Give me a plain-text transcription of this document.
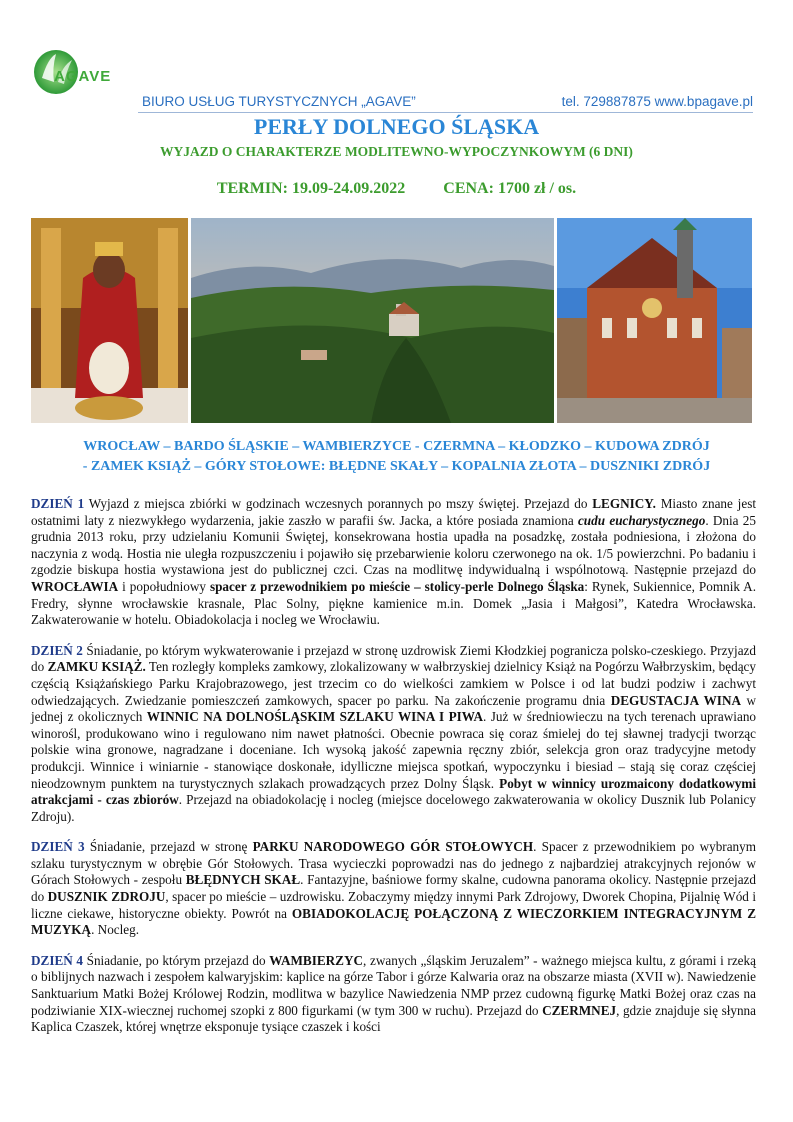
AGAVE
BIURO USŁUG TURYSTYCZNYCH „AGAVE”	tel. 729887875 www.bpagave.pl
PERŁY DOLNEGO ŚLĄSKA
WYJAZD O CHARAKTERZE MODLITEWNO-WYPOCZYNKOWYM (6 DNI)
TERMIN: 19.09-24.09.2022 CENA: 1700 zł / os.
WROCŁAW – BARDO ŚLĄSKIE – WAMBIERZYCE - CZERMNA – KŁODZKO – KUDOWA ZDRÓJ
- ZAMEK KSIĄŻ – GÓRY STOŁOWE: BŁĘDNE SKAŁY – KOPALNIA ZŁOTA – DUSZNIKI ZDRÓJ

DZIEŃ 1 Wyjazd z miejsca zbiórki w godzinach wczesnych porannych po mszy świętej. Przejazd do LEGNICY. Miasto znane jest ostatnimi laty z niezwykłego wydarzenia, jakie zaszło w parafii św. Jacka, a które posiada znamiona cudu eucharystycznego. Dnia 25 grudnia 2013 roku, przy udzielaniu Komunii Świętej, konsekrowana hostia upadła na posadzkę, została podniesiona, i złożona do naczynia z wodą. Hostia nie uległa rozpuszczeniu i pojawiło się przebarwienie koloru czerwonego na ok. 1/5 powierzchni. Po badaniu i zgodzie biskupa hostia wystawiona jest do publicznej czci. Czas na modlitwę indywidualną i wspólnotową. Następnie przejazd do WROCŁAWIA i popołudniowy spacer z przewodnikiem po mieście – stolicy-perle Dolnego Śląska: Rynek, Sukiennice, Pomnik A. Fredry, słynne wrocławskie krasnale, Plac Solny, piękne kamienice m.in. Domek „Jasia i Małgosi”, Katedra Wrocławska. Zakwaterowanie w hotelu. Obiadokolacja i nocleg we Wrocławiu.

DZIEŃ 2 Śniadanie, po którym wykwaterowanie i przejazd w stronę uzdrowisk Ziemi Kłodzkiej pogranicza polsko-czeskiego. Przyjazd do ZAMKU KSIĄŻ. Ten rozległy kompleks zamkowy, zlokalizowany w wałbrzyskiej dzielnicy Książ na Pogórzu Wałbrzyskim, będący częścią Książańskiego Parku Krajobrazowego, jest trzecim co do wielkości zamkiem w Polsce i od lat budzi podziw i zachwyt odwiedzających. Zwiedzanie pomieszczeń zamkowych, spacer po parku. Na zakończenie programu dnia DEGUSTACJA WINA w jednej z okolicznych WINNIC NA DOLNOŚLĄSKIM SZLAKU WINA I PIWA. Już w średniowieczu na tych terenach uprawiano winorośl, produkowano wino i regulowano nim nawet płatności. Obecnie powraca się coraz śmielej do tej sławnej tradycji tworząc polskie wina gronowe, nagradzane i doceniane. Ich wysoką jakość zapewnia ręczny zbiór, selekcja gron oraz tradycyjne metody produkcji. Winnice i winiarnie - stanowiące doskonałe, idylliczne miejsca spotkań, wypoczynku i biesiad – stają się coraz częściej nieodzownym punktem na turystycznych szlakach prowadzących przez Dolny Śląsk. Pobyt w winnicy urozmaicony dodatkowymi atrakcjami - czas zbiorów. Przejazd na obiadokolację i nocleg (miejsce docelowego zakwaterowania w okolicy Dusznik lub Polanicy Zdroju).

DZIEŃ 3 Śniadanie, przejazd w stronę PARKU NARODOWEGO GÓR STOŁOWYCH. Spacer z przewodnikiem po wybranym szlaku turystycznym w obrębie Gór Stołowych. Trasa wycieczki poprowadzi nas do jednego z najbardziej atrakcyjnych rejonów w Górach Stołowych - zespołu BŁĘDNYCH SKAŁ. Fantazyjne, baśniowe formy skalne, cudowna panorama okolicy. Następnie przejazd do DUSZNIK ZDROJU, spacer po mieście – uzdrowisku. Zobaczymy między innymi Park Zdrojowy, Dworek Chopina, Pijalnię Wód i liczne ciekawe, historyczne obiekty. Powrót na OBIADOKOLACJĘ POŁĄCZONĄ Z WIECZORKIEM INTEGRACYJNYM Z MUZYKĄ. Nocleg.

DZIEŃ 4 Śniadanie, po którym przejazd do WAMBIERZYC, zwanych „śląskim Jeruzalem” - ważnego miejsca kultu, z górami i rzeką o biblijnych nazwach i zespołem kalwaryjskim: kaplice na górze Tabor i górze Kalwaria oraz na obszarze miasta (XVII w). Nawiedzenie Sanktuarium Matki Bożej Królowej Rodzin, modlitwa w bazylice Nawiedzenia NMP przez cudowną figurkę Matki Bożej oraz czas na podziwianie XIX-wiecznej ruchomej szopki z 800 figurkami (w tym 300 w ruchu). Przejazd do CZERMNEJ, gdzie znajduje się słynna Kaplica Czaszek, której wnętrze eksponuje tysiące czaszek i kości
